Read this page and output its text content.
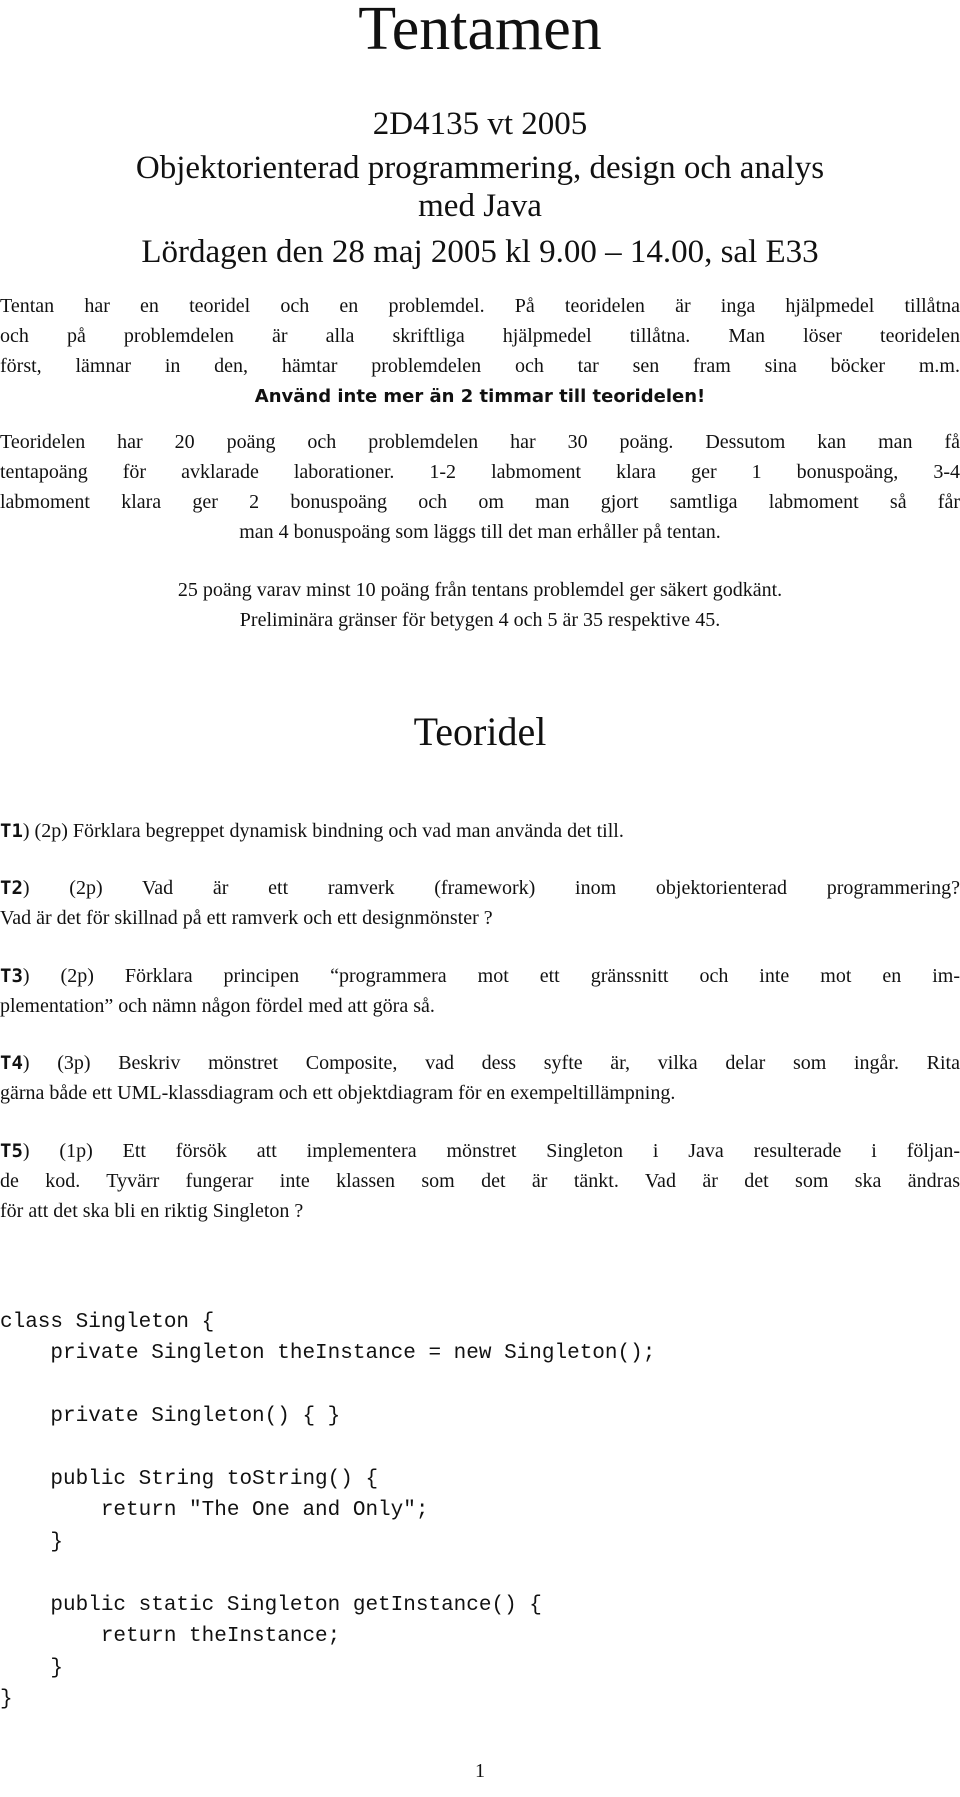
Tentamen
2D4135 vt 2005
Objektorienterad programmering, design och analys
med Java
Lördagen den 28 maj 2005 kl 9.00 – 14.00, sal E33
Tentan har en teoridel och en problemdel. På teoridelen är inga hjälpmedel tillåtna
och på problemdelen är alla skriftliga hjälpmedel tillåtna. Man löser teoridelen
först, lämnar in den, hämtar problemdelen och tar sen fram sina böcker m.m.
Använd inte mer än 2 timmar till teoridelen!
Teoridelen har 20 poäng och problemdelen har 30 poäng. Dessutom kan man få
tentapoäng för avklarade laborationer. 1-2 labmoment klara ger 1 bonuspoäng, 3-4
labmoment klara ger 2 bonuspoäng och om man gjort samtliga labmoment så får
man 4 bonuspoäng som läggs till det man erhåller på tentan.
25 poäng varav minst 10 poäng från tentans problemdel ger säkert godkänt.
Preliminära gränser för betygen 4 och 5 är 35 respektive 45.
Teoridel
T1) (2p) Förklara begreppet dynamisk bindning och vad man använda det till.
T2) (2p) Vad är ett ramverk (framework) inom objektorienterad programmering?
Vad är det för skillnad på ett ramverk och ett designmönster ?
T3) (2p) Förklara principen “programmera mot ett gränssnitt och inte mot en im-
plementation” och nämn någon fördel med att göra så.
T4) (3p) Beskriv mönstret Composite, vad dess syfte är, vilka delar som ingår. Rita
gärna både ett UML-klassdiagram och ett objektdiagram för en exempeltillämpning.
T5) (1p) Ett försök att implementera mönstret Singleton i Java resulterade i följan-
de kod. Tyvärr fungerar inte klassen som det är tänkt. Vad är det som ska ändras
för att det ska bli en riktig Singleton ?
class Singleton {
private Singleton theInstance = new Singleton();
private Singleton() { }
public String toString() {
return "The One and Only";
}
public static Singleton getInstance() {
return theInstance;
}
}
1
